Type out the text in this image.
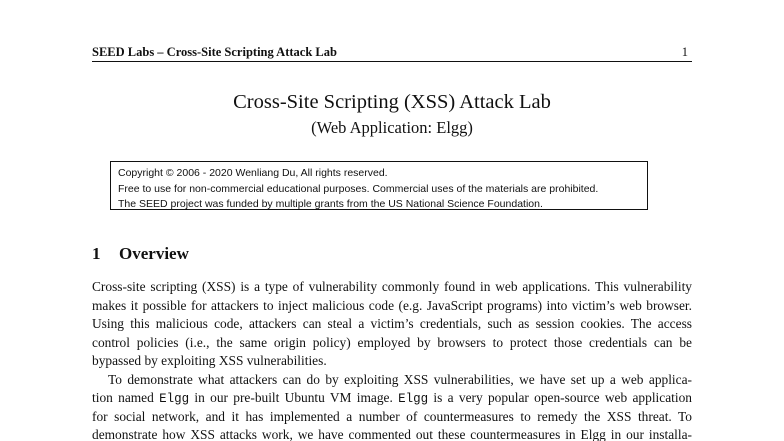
SEED Labs – Cross-Site Scripting Attack Lab	1
Cross-Site Scripting (XSS) Attack Lab
(Web Application: Elgg)
Copyright © 2006 - 2020 Wenliang Du, All rights reserved.
Free to use for non-commercial educational purposes. Commercial uses of the materials are prohibited.
The SEED project was funded by multiple grants from the US National Science Foundation.
1 Overview
Cross-site scripting (XSS) is a type of vulnerability commonly found in web applications. This vulnerability
makes it possible for attackers to inject malicious code (e.g. JavaScript programs) into victim’s web browser.
Using this malicious code, attackers can steal a victim’s credentials, such as session cookies. The access
control policies (i.e., the same origin policy) employed by browsers to protect those credentials can be
bypassed by exploiting XSS vulnerabilities.
To demonstrate what attackers can do by exploiting XSS vulnerabilities, we have set up a web applica-
tion named Elgg in our pre-built Ubuntu VM image. Elgg is a very popular open-source web application
for social network, and it has implemented a number of countermeasures to remedy the XSS threat. To
demonstrate how XSS attacks work, we have commented out these countermeasures in Elgg in our installa-
